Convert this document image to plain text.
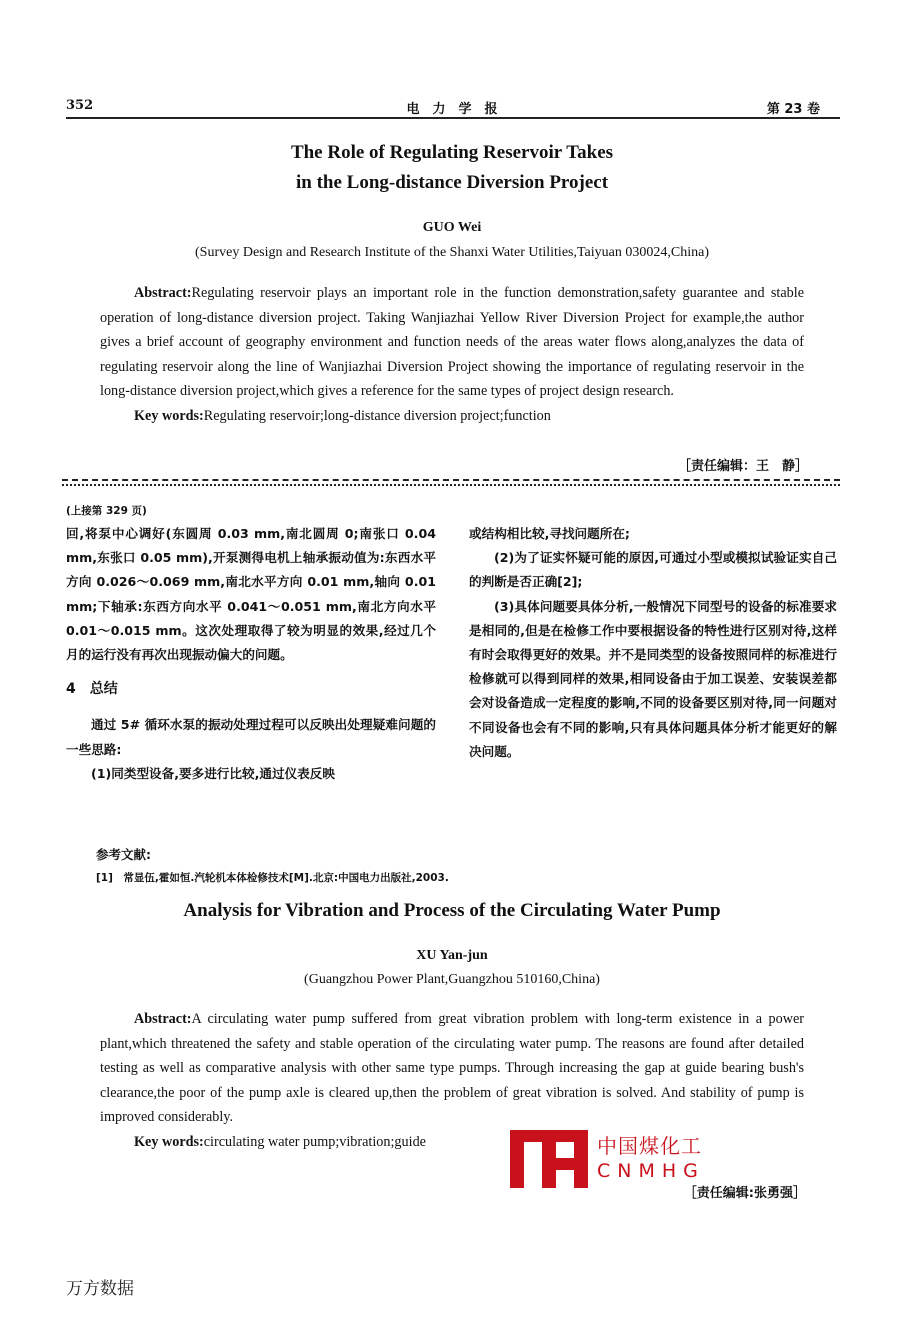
352	电　力　学　报	第 23 卷
The Role of Regulating Reservoir Takes
in the Long-distance Diversion Project
GUO Wei
(Survey Design and Research Institute of the Shanxi Water Utilities,Taiyuan 030024,China)

Abstract:Regulating reservoir plays an important role in the function demonstration,safety guarantee and stable operation of long-distance diversion project. Taking Wanjiazhai Yellow River Diversion Project for example,the author gives a brief account of geography environment and function needs of the areas water flows along,analyzes the data of regulating reservoir along the line of Wanjiazhai Diversion Project showing the importance of regulating reservoir in the long-distance diversion project,which gives a reference for the same types of project design research.

Key words:Regulating reservoir;long-distance diversion project;function

［责任编辑：王　静］
(上接第 329 页)

回,将泵中心调好(东圆周 0.03 mm,南北圆周 0;南张口 0.04 mm,东张口 0.05 mm),开泵测得电机上轴承振动值为:东西水平方向 0.026～0.069 mm,南北水平方向 0.01 mm,轴向 0.01 mm;下轴承:东西方向水平 0.041～0.051 mm,南北方向水平 0.01～0.015 mm。这次处理取得了较为明显的效果,经过几个月的运行没有再次出现振动偏大的问题。

4　总结

通过 5# 循环水泵的振动处理过程可以反映出处理疑难问题的一些思路:

(1)同类型设备,要多进行比较,通过仪表反映

或结构相比较,寻找问题所在;

(2)为了证实怀疑可能的原因,可通过小型或模拟试验证实自己的判断是否正确[2];

(3)具体问题要具体分析,一般情况下同型号的设备的标准要求是相同的,但是在检修工作中要根据设备的特性进行区别对待,这样有时会取得更好的效果。并不是同类型的设备按照同样的标准进行检修就可以得到同样的效果,相同设备由于加工误差、安装误差都会对设备造成一定程度的影响,不同的设备要区别对待,同一问题对不同设备也会有不同的影响,只有具体问题具体分析才能更好的解决问题。

参考文献:
[1]　常显伍,霍如恒.汽轮机本体检修技术[M].北京:中国电力出版社,2003.
Analysis for Vibration and Process of the Circulating Water Pump
XU Yan-jun
(Guangzhou Power Plant,Guangzhou 510160,China)

Abstract:A circulating water pump suffered from great vibration problem with long-term existence in a power plant,which threatened the safety and stable operation of the circulating water pump. The reasons are found after detailed testing as well as comparative analysis with other same type pumps. Through increasing the gap at guide bearing bush's clearance,the poor of the pump axle is cleared up,then the problem of great vibration is solved. And stability of pump is improved considerably.

Key words:circulating water pump;vibration;guide	中国煤化工
CNMHG
［责任编辑:张勇强］
万方数据
